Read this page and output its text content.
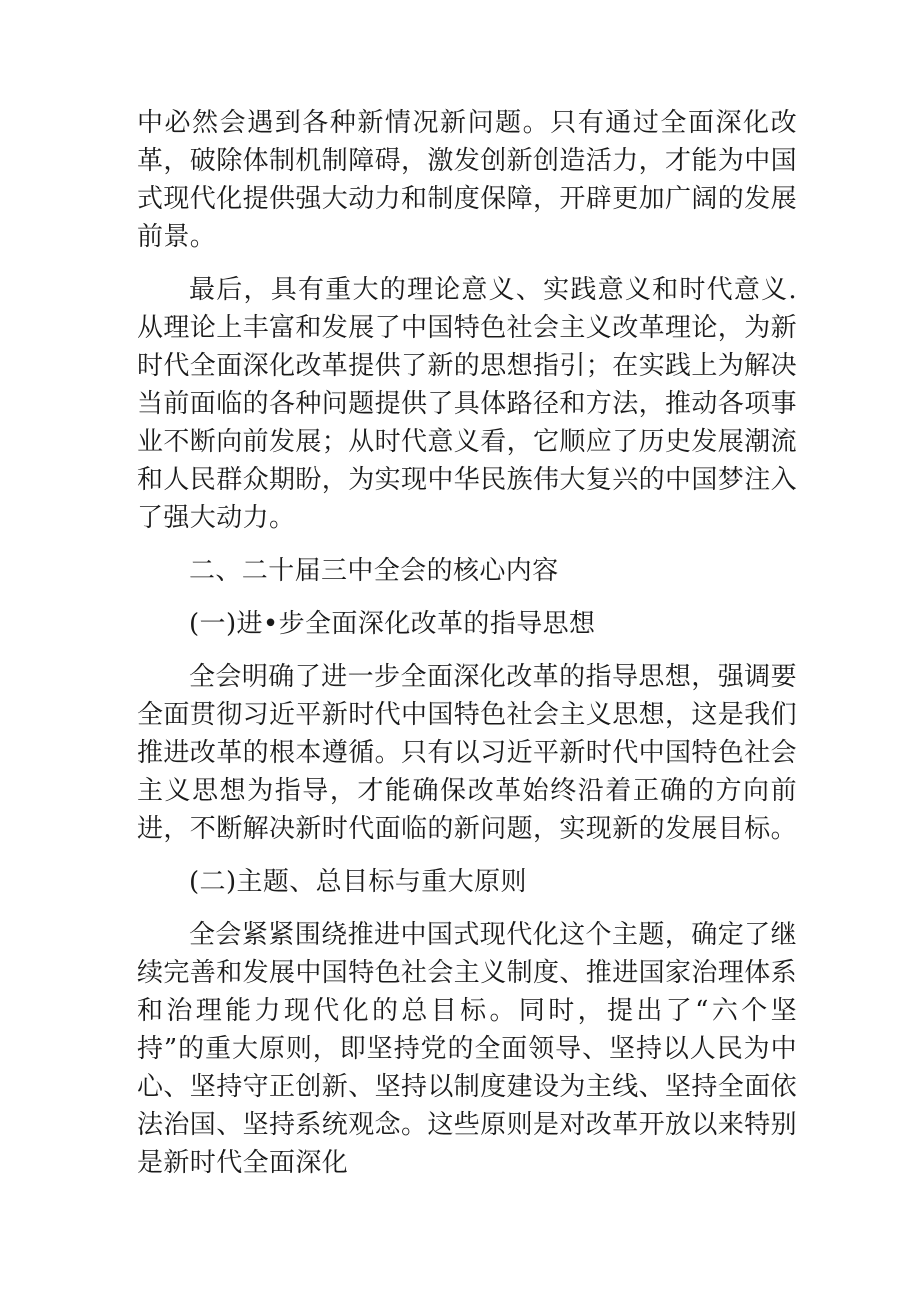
中必然会遇到各种新情况新问题。只有通过全面深化改革，破除体制机制障碍，激发创新创造活力，才能为中国式现代化提供强大动力和制度保障，开辟更加广阔的发展前景。

最后，具有重大的理论意义、实践意义和时代意义.从理论上丰富和发展了中国特色社会主义改革理论，为新时代全面深化改革提供了新的思想指引；在实践上为解决当前面临的各种问题提供了具体路径和方法，推动各项事业不断向前发展；从时代意义看，它顺应了历史发展潮流和人民群众期盼，为实现中华民族伟大复兴的中国梦注入了强大动力。

二、二十届三中全会的核心内容

(一)进•步全面深化改革的指导思想

全会明确了进一步全面深化改革的指导思想，强调要全面贯彻习近平新时代中国特色社会主义思想，这是我们推进改革的根本遵循。只有以习近平新时代中国特色社会主义思想为指导，才能确保改革始终沿着正确的方向前进，不断解决新时代面临的新问题，实现新的发展目标。

(二)主题、总目标与重大原则

全会紧紧围绕推进中国式现代化这个主题，确定了继续完善和发展中国特色社会主义制度、推进国家治理体系和治理能力现代化的总目标。同时，提出了“六个坚持”的重大原则，即坚持党的全面领导、坚持以人民为中心、坚持守正创新、坚持以制度建设为主线、坚持全面依法治国、坚持系统观念。这些原则是对改革开放以来特别是新时代全面深化
